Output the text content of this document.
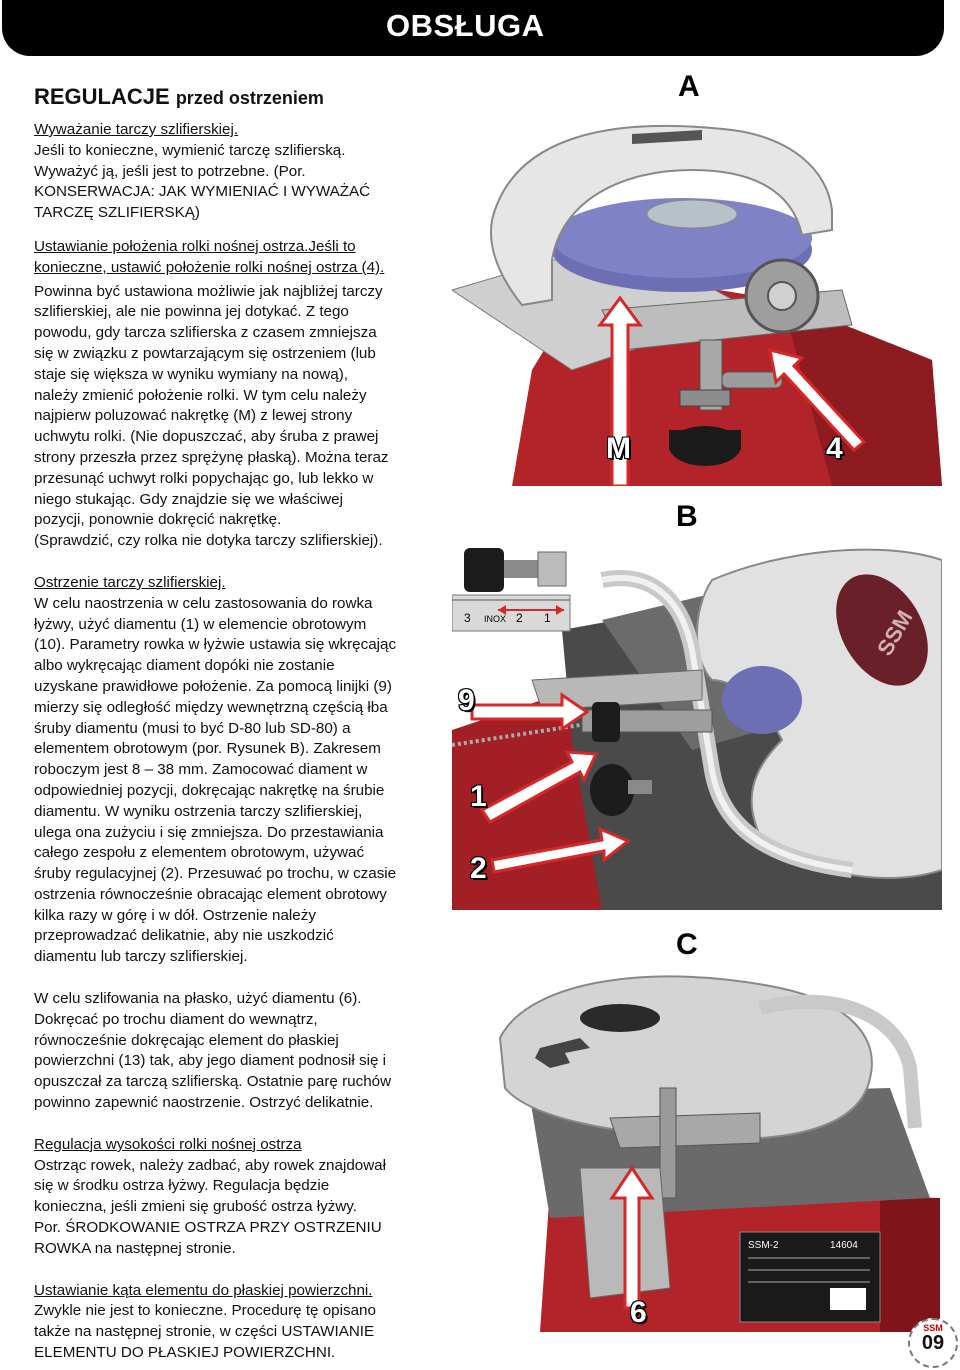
OBSŁUGA
REGULACJE przed ostrzeniem

Wyważanie tarczy szlifierskiej.

Jeśli to konieczne, wymienić tarczę szlifierską.

Wyważyć ją, jeśli jest to potrzebne. (Por.

KONSERWACJA: JAK WYMIENIAĆ I WYWAŻAĆ

TARCZĘ SZLIFIERSKĄ)

Ustawianie położenia rolki nośnej ostrza.Jeśli to

konieczne, ustawić położenie rolki nośnej ostrza (4).

Powinna być ustawiona możliwie jak najbliżej tarczy

szlifierskiej, ale nie powinna jej dotykać. Z tego

powodu, gdy tarcza szlifierska z czasem zmniejsza

się w związku z powtarzającym się ostrzeniem (lub

staje się większa w wyniku wymiany na nową),

należy zmienić położenie rolki. W tym celu należy

najpierw poluzować nakrętkę (M) z lewej strony

uchwytu rolki. (Nie dopuszczać, aby śruba z prawej

strony przeszła przez sprężynę płaską). Można teraz

przesunąć uchwyt rolki popychając go, lub lekko w

niego stukając. Gdy znajdzie się we właściwej

pozycji, ponownie dokręcić nakrętkę.

(Sprawdzić, czy rolka nie dotyka tarczy szlifierskiej).

Ostrzenie tarczy szlifierskiej.

W celu naostrzenia w celu zastosowania do rowka

łyżwy, użyć diamentu (1) w elemencie obrotowym

(10). Parametry rowka w łyżwie ustawia się wkręcając

albo wykręcając diament dopóki nie zostanie

uzyskane prawidłowe położenie. Za pomocą linijki (9)

mierzy się odległość między wewnętrzną częścią łba

śruby diamentu (musi to być D-80 lub SD-80) a

elementem obrotowym (por. Rysunek B). Zakresem

roboczym jest 8 – 38 mm. Zamocować diament w

odpowiedniej pozycji, dokręcając nakrętkę na śrubie

diamentu. W wyniku ostrzenia tarczy szlifierskiej,

ulega ona zużyciu i się zmniejsza. Do przestawiania

całego zespołu z elementem obrotowym, używać

śruby regulacyjnej (2). Przesuwać po trochu, w czasie

ostrzenia równocześnie obracając element obrotowy

kilka razy w górę i w dół. Ostrzenie należy

przeprowadzać delikatnie, aby nie uszkodzić

diamentu lub tarczy szlifierskiej.

W celu szlifowania na płasko, użyć diamentu (6).

Dokręcać po trochu diament do wewnątrz,

równocześnie dokręcając element do płaskiej

powierzchni (13) tak, aby jego diament podnosił się i

opuszczał za tarczą szlifierską. Ostatnie parę ruchów

powinno zapewnić naostrzenie. Ostrzyć delikatnie.

Regulacja wysokości rolki nośnej ostrza

Ostrząc rowek, należy zadbać, aby rowek znajdował

się w środku ostrza łyżwy. Regulacja będzie

konieczna, jeśli zmieni się grubość ostrza łyżwy.

Por. ŚRODKOWANIE OSTRZA PRZY OSTRZENIU

ROWKA na następnej stronie.

Ustawianie kąta elementu do płaskiej powierzchni.

Zwykle nie jest to konieczne. Procedurę tę opisano

także na następnej stronie, w części USTAWIANIE

ELEMENTU DO PŁASKIEJ POWIERZCHNI.

A
B
C
M	4
3 INOX 2 1	SSM
9
1
2
SSM-2	14604
6	SSM
09
